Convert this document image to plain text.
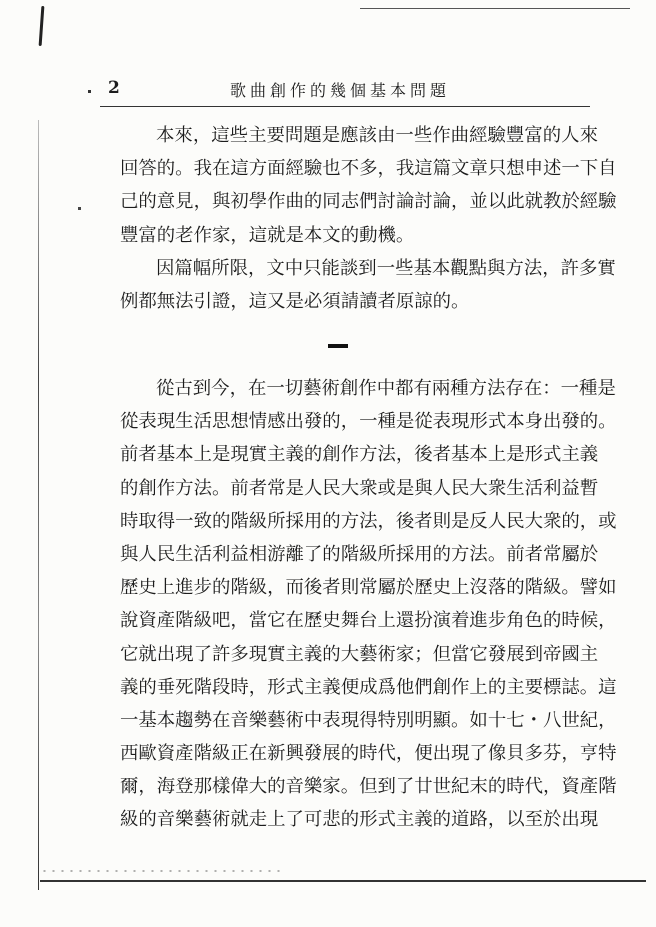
2	歌曲創作的幾個基本問題
本來，這些主要問題是應該由一些作曲經驗豐富的人來
回答的。我在這方面經驗也不多，我這篇文章只想申述一下自
己的意見，與初學作曲的同志們討論討論，並以此就教於經驗
豐富的老作家，這就是本文的動機。
因篇幅所限，文中只能談到一些基本觀點與方法，許多實
例都無法引證，這又是必須請讀者原諒的。
從古到今，在一切藝術創作中都有兩種方法存在：一種是
從表現生活思想情感出發的，一種是從表現形式本身出發的。
前者基本上是現實主義的創作方法，後者基本上是形式主義
的創作方法。前者常是人民大衆或是與人民大衆生活利益暫
時取得一致的階級所採用的方法，後者則是反人民大衆的，或
與人民生活利益相游離了的階級所採用的方法。前者常屬於
歷史上進步的階級，而後者則常屬於歷史上沒落的階級。譬如
說資產階級吧，當它在歷史舞台上還扮演着進步角色的時候，
它就出現了許多現實主義的大藝術家；但當它發展到帝國主
義的垂死階段時，形式主義便成爲他們創作上的主要標誌。這
一基本趨勢在音樂藝術中表現得特別明顯。如十七・八世紀，
西歐資產階級正在新興發展的時代，便出現了像貝多芬，亨特
爾，海登那樣偉大的音樂家。但到了廿世紀末的時代，資產階
級的音樂藝術就走上了可悲的形式主義的道路，以至於出現
